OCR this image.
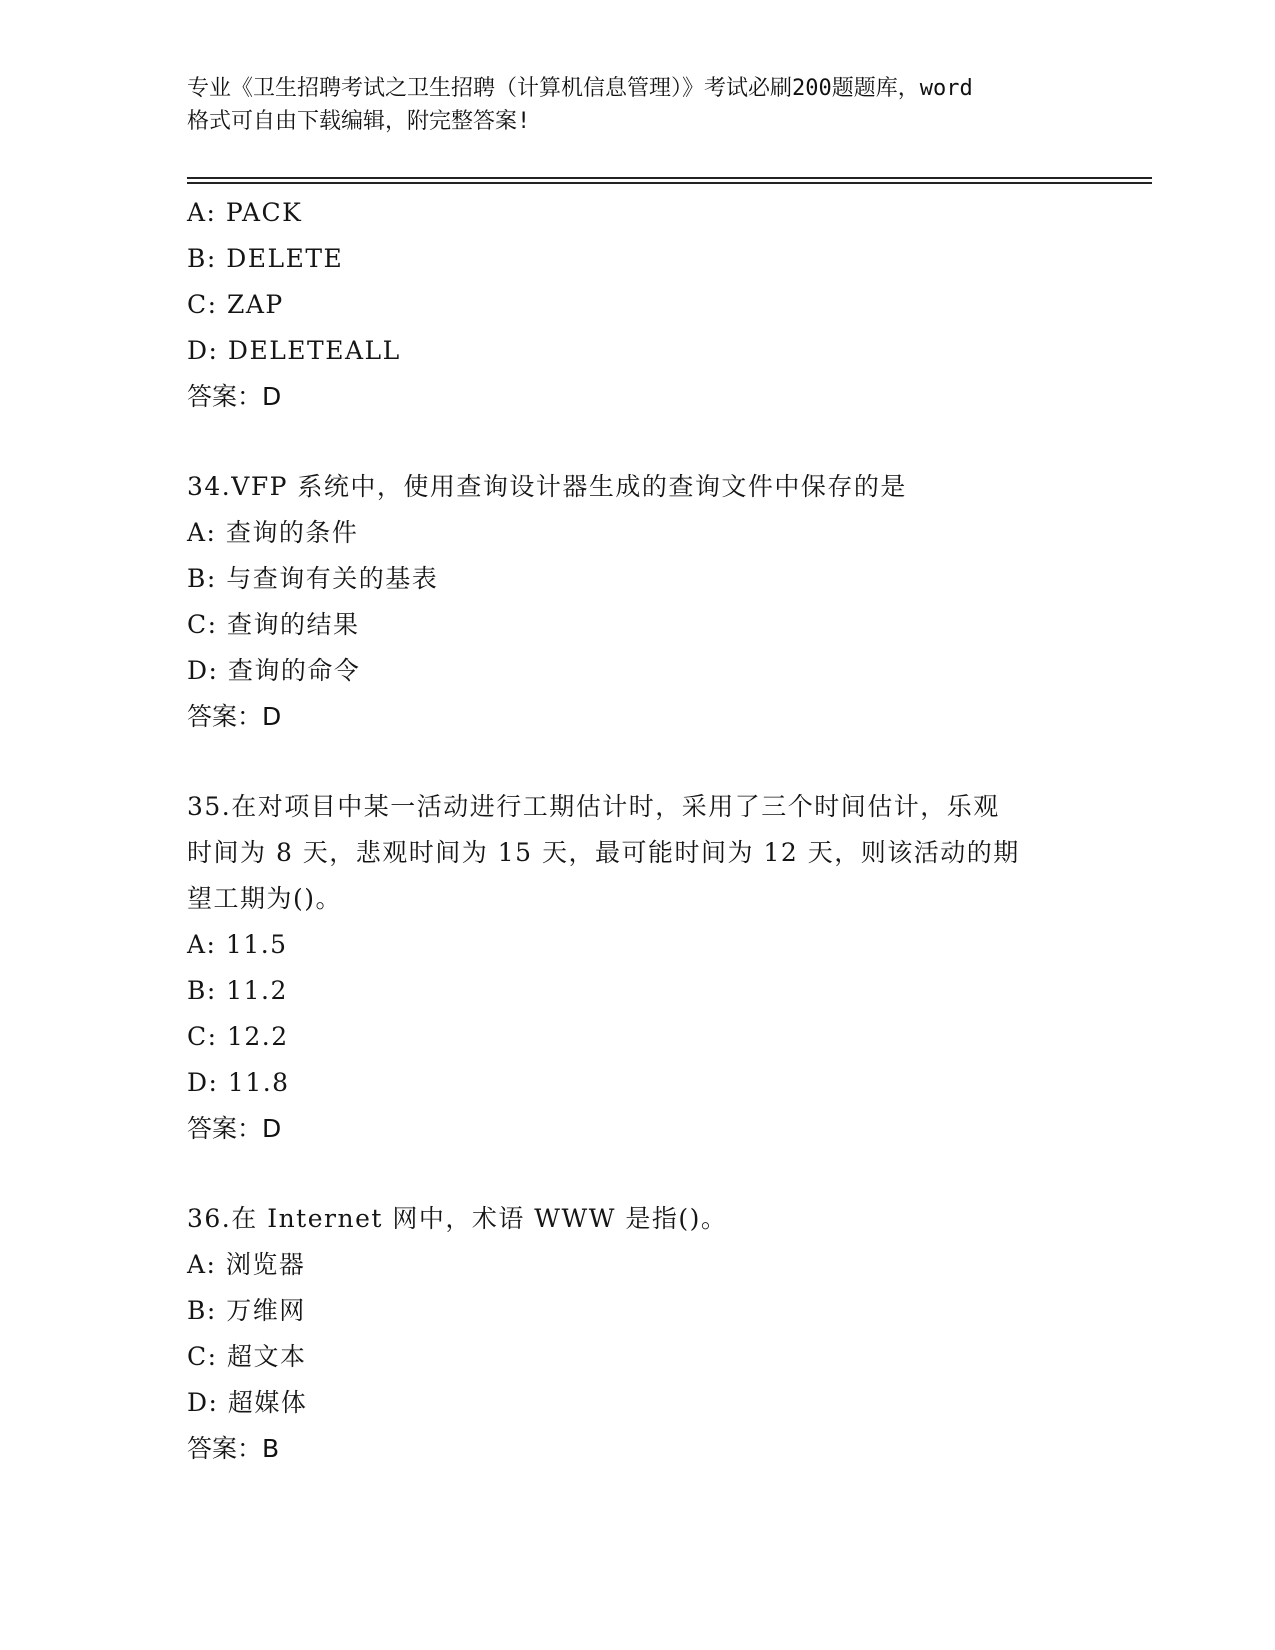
专业《卫生招聘考试之卫生招聘（计算机信息管理）》考试必刷200题题库，word
格式可自由下载编辑，附完整答案!
A: PACK
B: DELETE
C: ZAP
D: DELETEALL
答案：D
34.VFP 系统中，使用查询设计器生成的查询文件中保存的是
A: 查询的条件
B: 与查询有关的基表
C: 查询的结果
D: 查询的命令
答案：D
35.在对项目中某一活动进行工期估计时，采用了三个时间估计，乐观
时间为 8 天，悲观时间为 15 天，最可能时间为 12 天，则该活动的期
望工期为()。
A: 11.5
B: 11.2
C: 12.2
D: 11.8
答案：D
36.在 Internet 网中，术语 WWW 是指()。
A: 浏览器
B: 万维网
C: 超文本
D: 超媒体
答案：B
